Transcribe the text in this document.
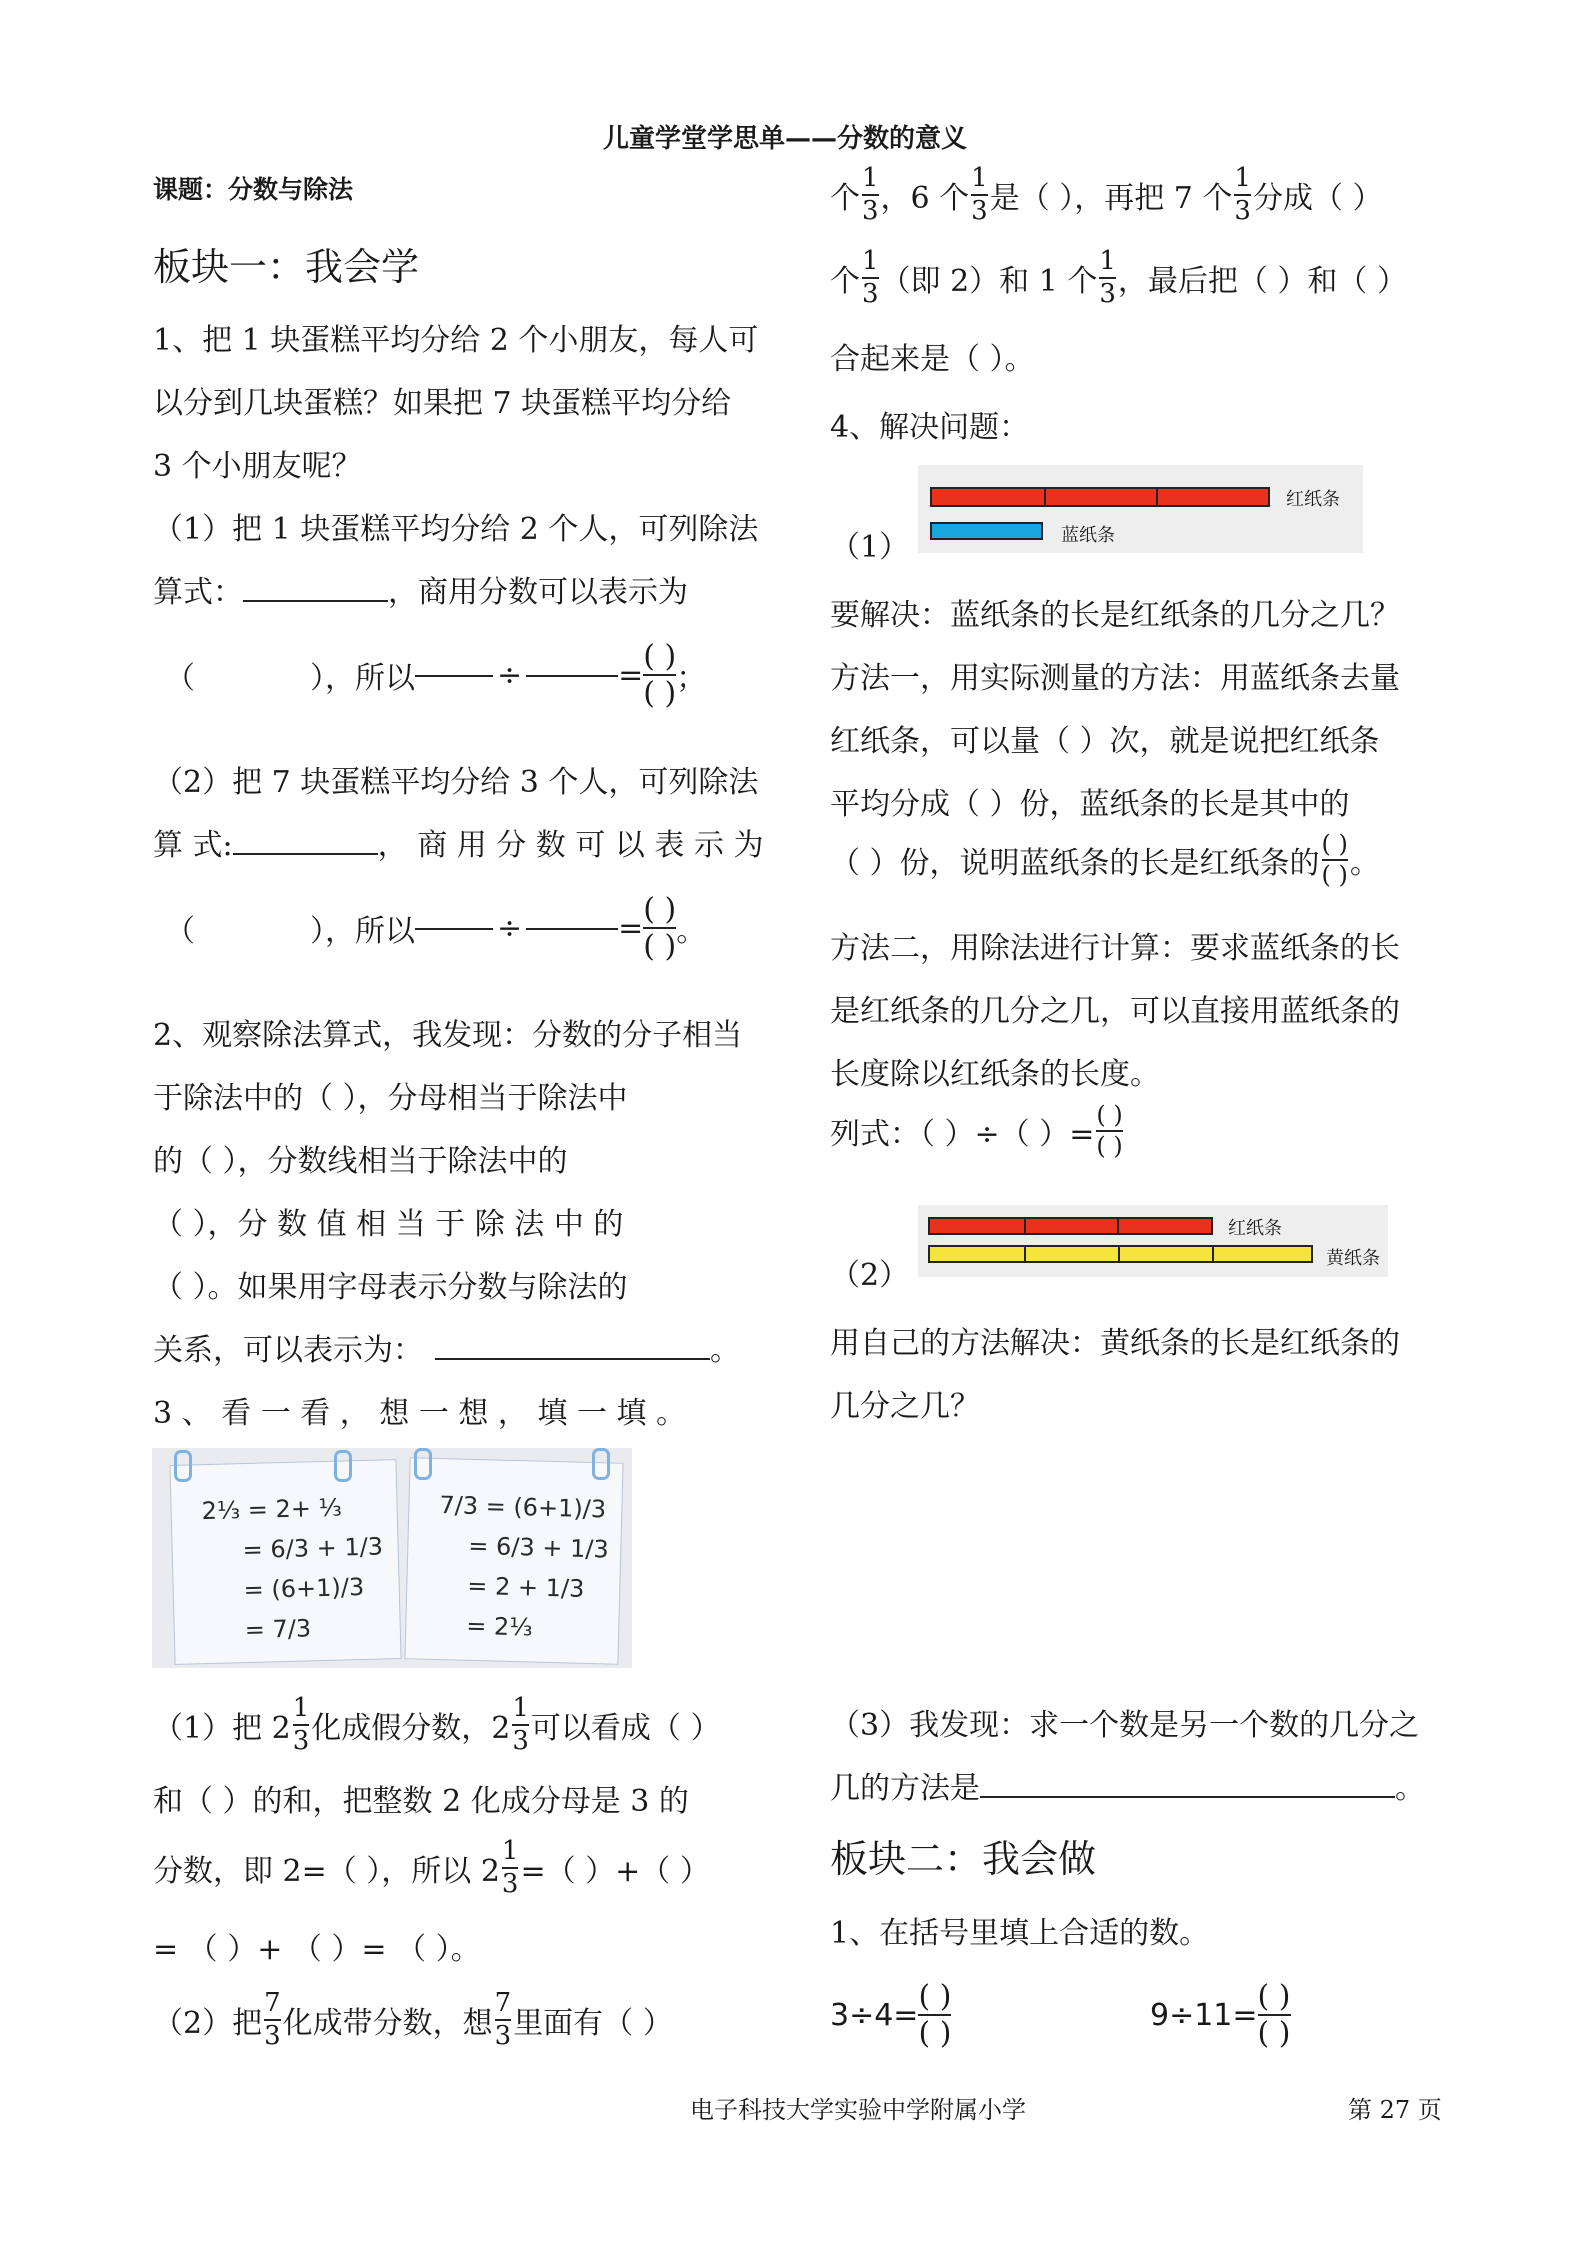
儿童学堂学思单——分数的意义
课题：分数与除法
板块一：我会学
1、把 1 块蛋糕平均分给 2 个小朋友，每人可
以分到几块蛋糕？如果把 7 块蛋糕平均分给
3 个小朋友呢？
（1）把 1 块蛋糕平均分给 2 个人，可列除法
算式：	，商用分数可以表示为
（	），所以	÷	=
( )
( ) ；
（2）把 7 块蛋糕平均分给 3 个人，可列除法
算 式:	， 商 用 分 数 可 以 表 示 为
（	），所以	÷	=
( )
( ) 。
2、观察除法算式，我发现：分数的分子相当
于除法中的（ ），分母相当于除法中
的（ ），分数线相当于除法中的
（ ），分 数 值 相 当 于 除 法 中 的
（ ）。如果用字母表示分数与除法的
关系，可以表示为：	。
3 、 看 一 看 ， 想 一 想 ， 填 一 填 。
2⅓ = 2+ ⅓
= 6/3 + 1/3
= (6+1)/3
= 7/3
7/3 = (6+1)/3
= 6/3 + 1/3
= 2 + 1/3
= 2⅓
（1）把 $2 \frac{1}{3}$ 化成假分数，$2 \frac{1}{3}$ 可以看成（ ）
和（ ）的和，把整数 2 化成分母是 3 的
分数，即 2=（ ），所以 $2 \frac{1}{3}$ =（ ）+（ ）
= （ ）+ （ ）= （ ）。
（2）把 $\frac{7}{3}$ 化成带分数，想 $\frac{7}{3}$ 里面有（ ）
个 $\frac{1}{3}$ ，6 个 $\frac{1}{3}$ 是（ ），再把 7 个 $\frac{1}{3}$ 分成（ ）
个 $\frac{1}{3}$ （即 2）和 1 个 $\frac{1}{3}$ ，最后把（ ）和（ ）
合起来是（ ）。
4、解决问题：
（1）
红纸条
蓝纸条
要解决：蓝纸条的长是红纸条的几分之几？
方法一，用实际测量的方法：用蓝纸条去量
红纸条，可以量（ ）次，就是说把红纸条
平均分成（ ）份，蓝纸条的长是其中的
（ ）份，说明蓝纸条的长是红纸条的 $\frac{( )}{( )}$ 。
方法二，用除法进行计算：要求蓝纸条的长
是红纸条的几分之几，可以直接用蓝纸条的
长度除以红纸条的长度。
列式：（ ）÷（ ）= $\frac{( )}{( )}$
（2）
红纸条
黄纸条
用自己的方法解决：黄纸条的长是红纸条的
几分之几？
（3）我发现：求一个数是另一个数的几分之
几的方法是	。
板块二：我会做
1、在括号里填上合适的数。
3÷4=
( )
( )
9÷11=
( )
( )
电子科技大学实验中学附属小学	第 27 页
